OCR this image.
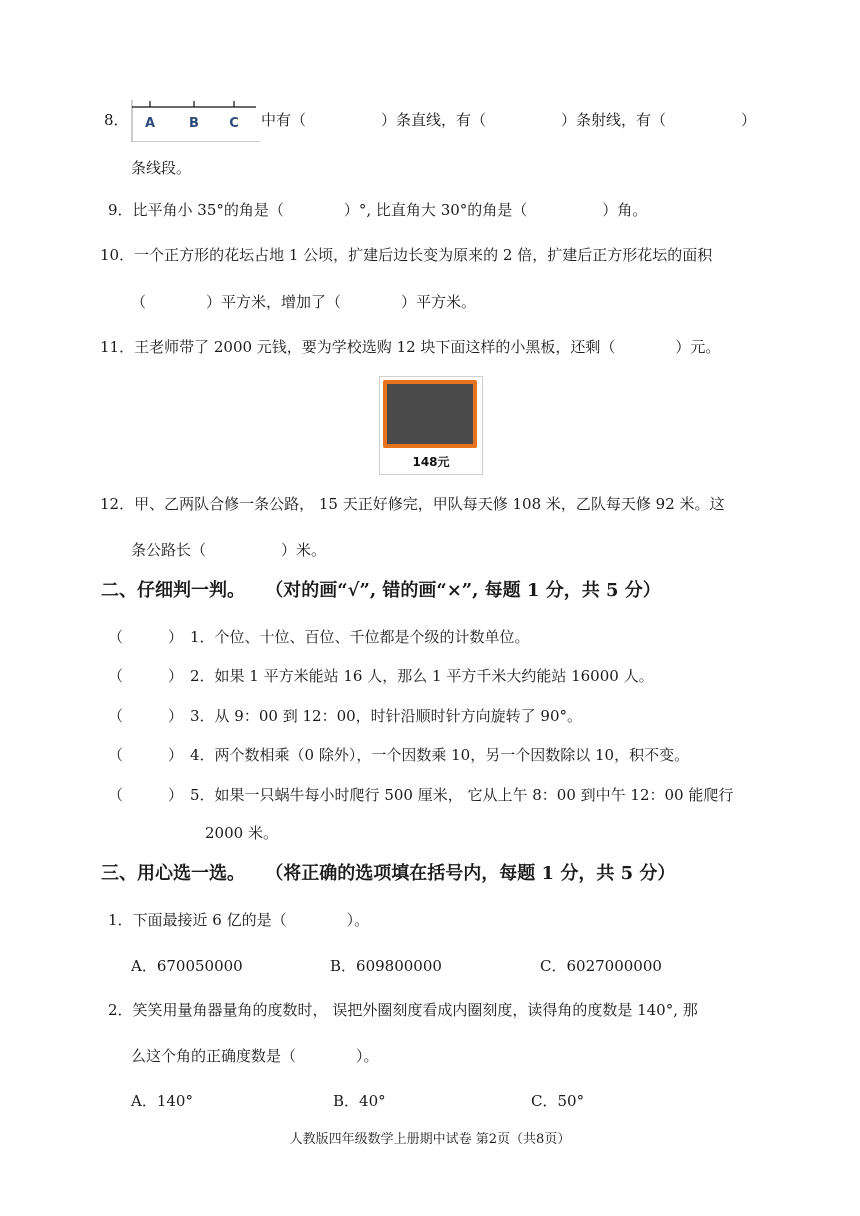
8． A	B C 中有（　　　　　）条直线，有（　　　　　）条射线，有（　　　　　）
条线段。
9．比平角小 35°的角是（　　　　）°, 比直角大 30°的角是（　　　　　）角。
10．一个正方形的花坛占地 1 公顷，扩建后边长变为原来的 2 倍，扩建后正方形花坛的面积
（　　　　）平方米，增加了（　　　　）平方米。
11．王老师带了 2000 元钱，要为学校选购 12 块下面这样的小黑板，还剩（　　　　）元。
148元
12．甲、乙两队合修一条公路， 15 天正好修完，甲队每天修 108 米，乙队每天修 92 米。这
条公路长（　　　　　）米。
二、仔细判一判。 （对的画“√”, 错的画“×”, 每题 1 分，共 5 分）
（　　　） 1．个位、十位、百位、千位都是个级的计数单位。
（　　　） 2．如果 1 平方米能站 16 人，那么 1 平方千米大约能站 16000 人。
（　　　） 3．从 9：00 到 12：00，时针沿顺时针方向旋转了 90°。
（　　　） 4．两个数相乘（0 除外），一个因数乘 10，另一个因数除以 10，积不变。
（　　　） 5．如果一只蜗牛每小时爬行 500 厘米， 它从上午 8：00 到中午 12：00 能爬行
2000 米。
三、用心选一选。 （将正确的选项填在括号内，每题 1 分，共 5 分）
1．下面最接近 6 亿的是（　　　　）。
A．670050000	B．609800000	C．6027000000
2．笑笑用量角器量角的度数时， 误把外圈刻度看成内圈刻度，读得角的度数是 140°, 那
么这个角的正确度数是（　　　　）。
A．140°	B．40°	C．50°
人教版四年级数学上册期中试卷 第2页（共8页）
